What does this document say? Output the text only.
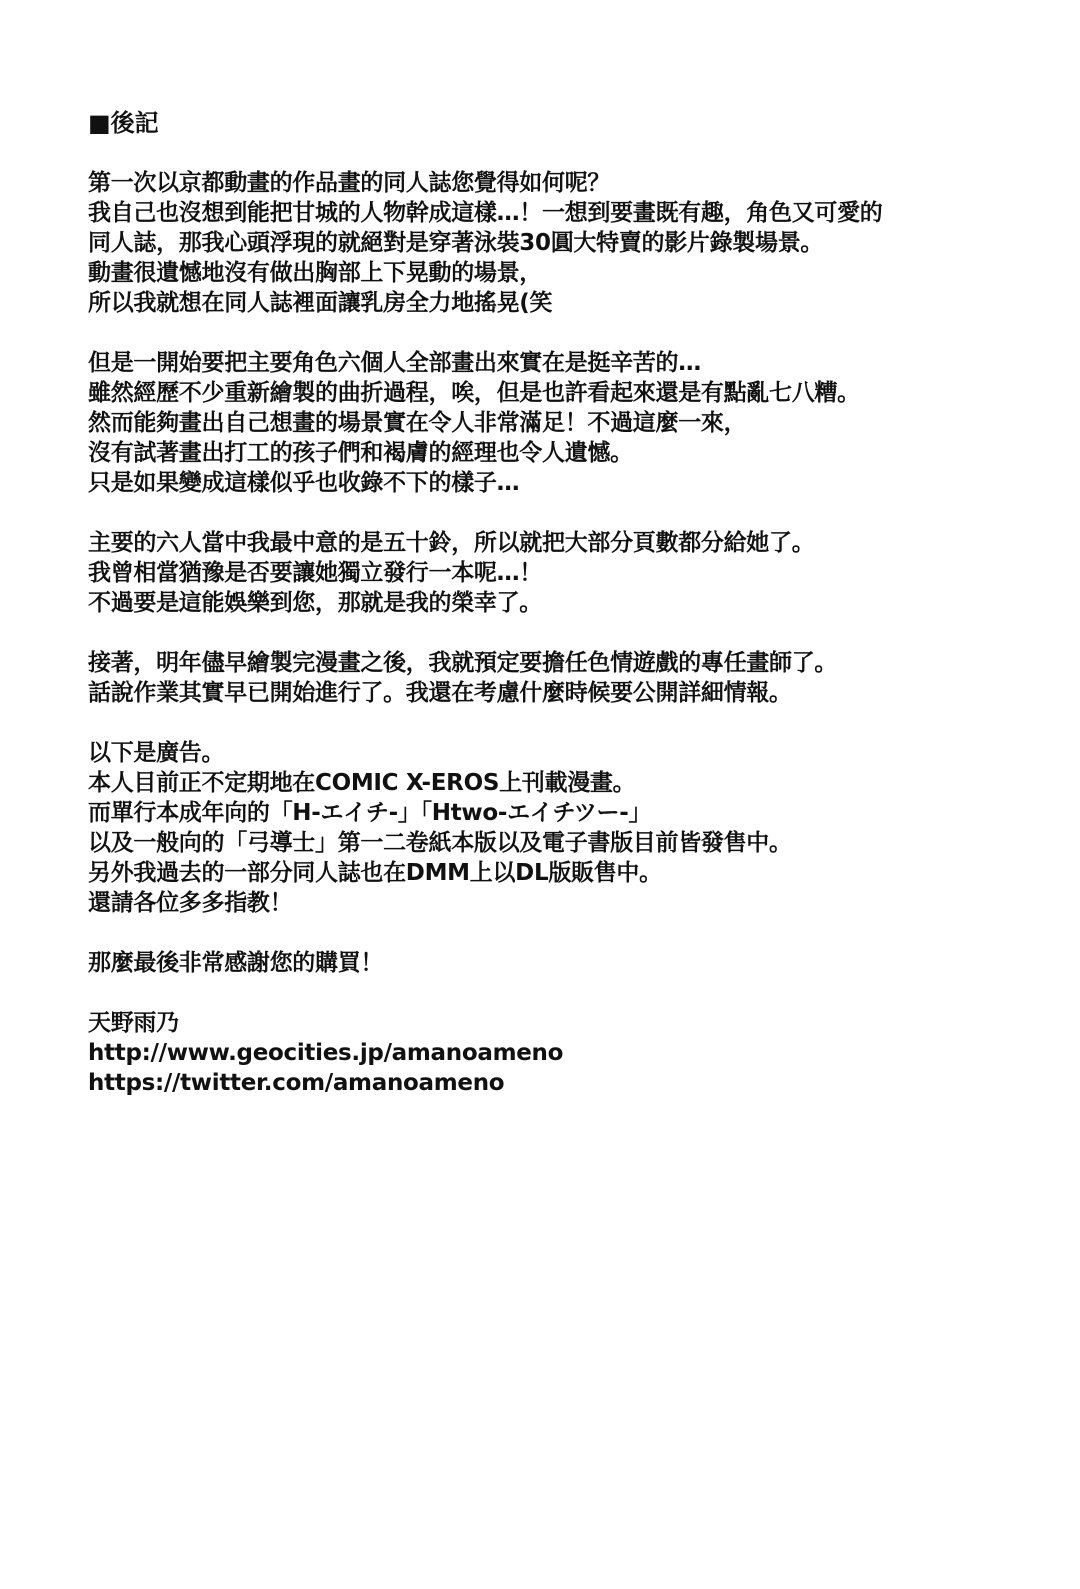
■後記
第一次以京都動畫的作品畫的同人誌您覺得如何呢？
我自己也沒想到能把甘城的人物幹成這樣…！一想到要畫既有趣，角色又可愛的
同人誌，那我心頭浮現的就絕對是穿著泳裝30圓大特賣的影片錄製場景。
動畫很遺憾地沒有做出胸部上下晃動的場景，
所以我就想在同人誌裡面讓乳房全力地搖晃(笑
但是一開始要把主要角色六個人全部畫出來實在是挺辛苦的…
雖然經歷不少重新繪製的曲折過程，唉，但是也許看起來還是有點亂七八糟。
然而能夠畫出自己想畫的場景實在令人非常滿足！不過這麼一來，
沒有試著畫出打工的孩子們和褐膚的經理也令人遺憾。
只是如果變成這樣似乎也收錄不下的樣子…
主要的六人當中我最中意的是五十鈴，所以就把大部分頁數都分給她了。
我曾相當猶豫是否要讓她獨立發行一本呢…！
不過要是這能娛樂到您，那就是我的榮幸了。
接著，明年儘早繪製完漫畫之後，我就預定要擔任色情遊戲的專任畫師了。
話說作業其實早已開始進行了。我還在考慮什麼時候要公開詳細情報。
以下是廣告。
本人目前正不定期地在COMIC X-EROS上刊載漫畫。
而單行本成年向的「H-エイチ-」「Htwo-エイチツー-」
以及一般向的「弓導士」第一二卷紙本版以及電子書版目前皆發售中。
另外我過去的一部分同人誌也在DMM上以DL版販售中。
還請各位多多指教！
那麼最後非常感謝您的購買！
天野雨乃
http://www.geocities.jp/amanoameno
https://twitter.com/amanoameno
